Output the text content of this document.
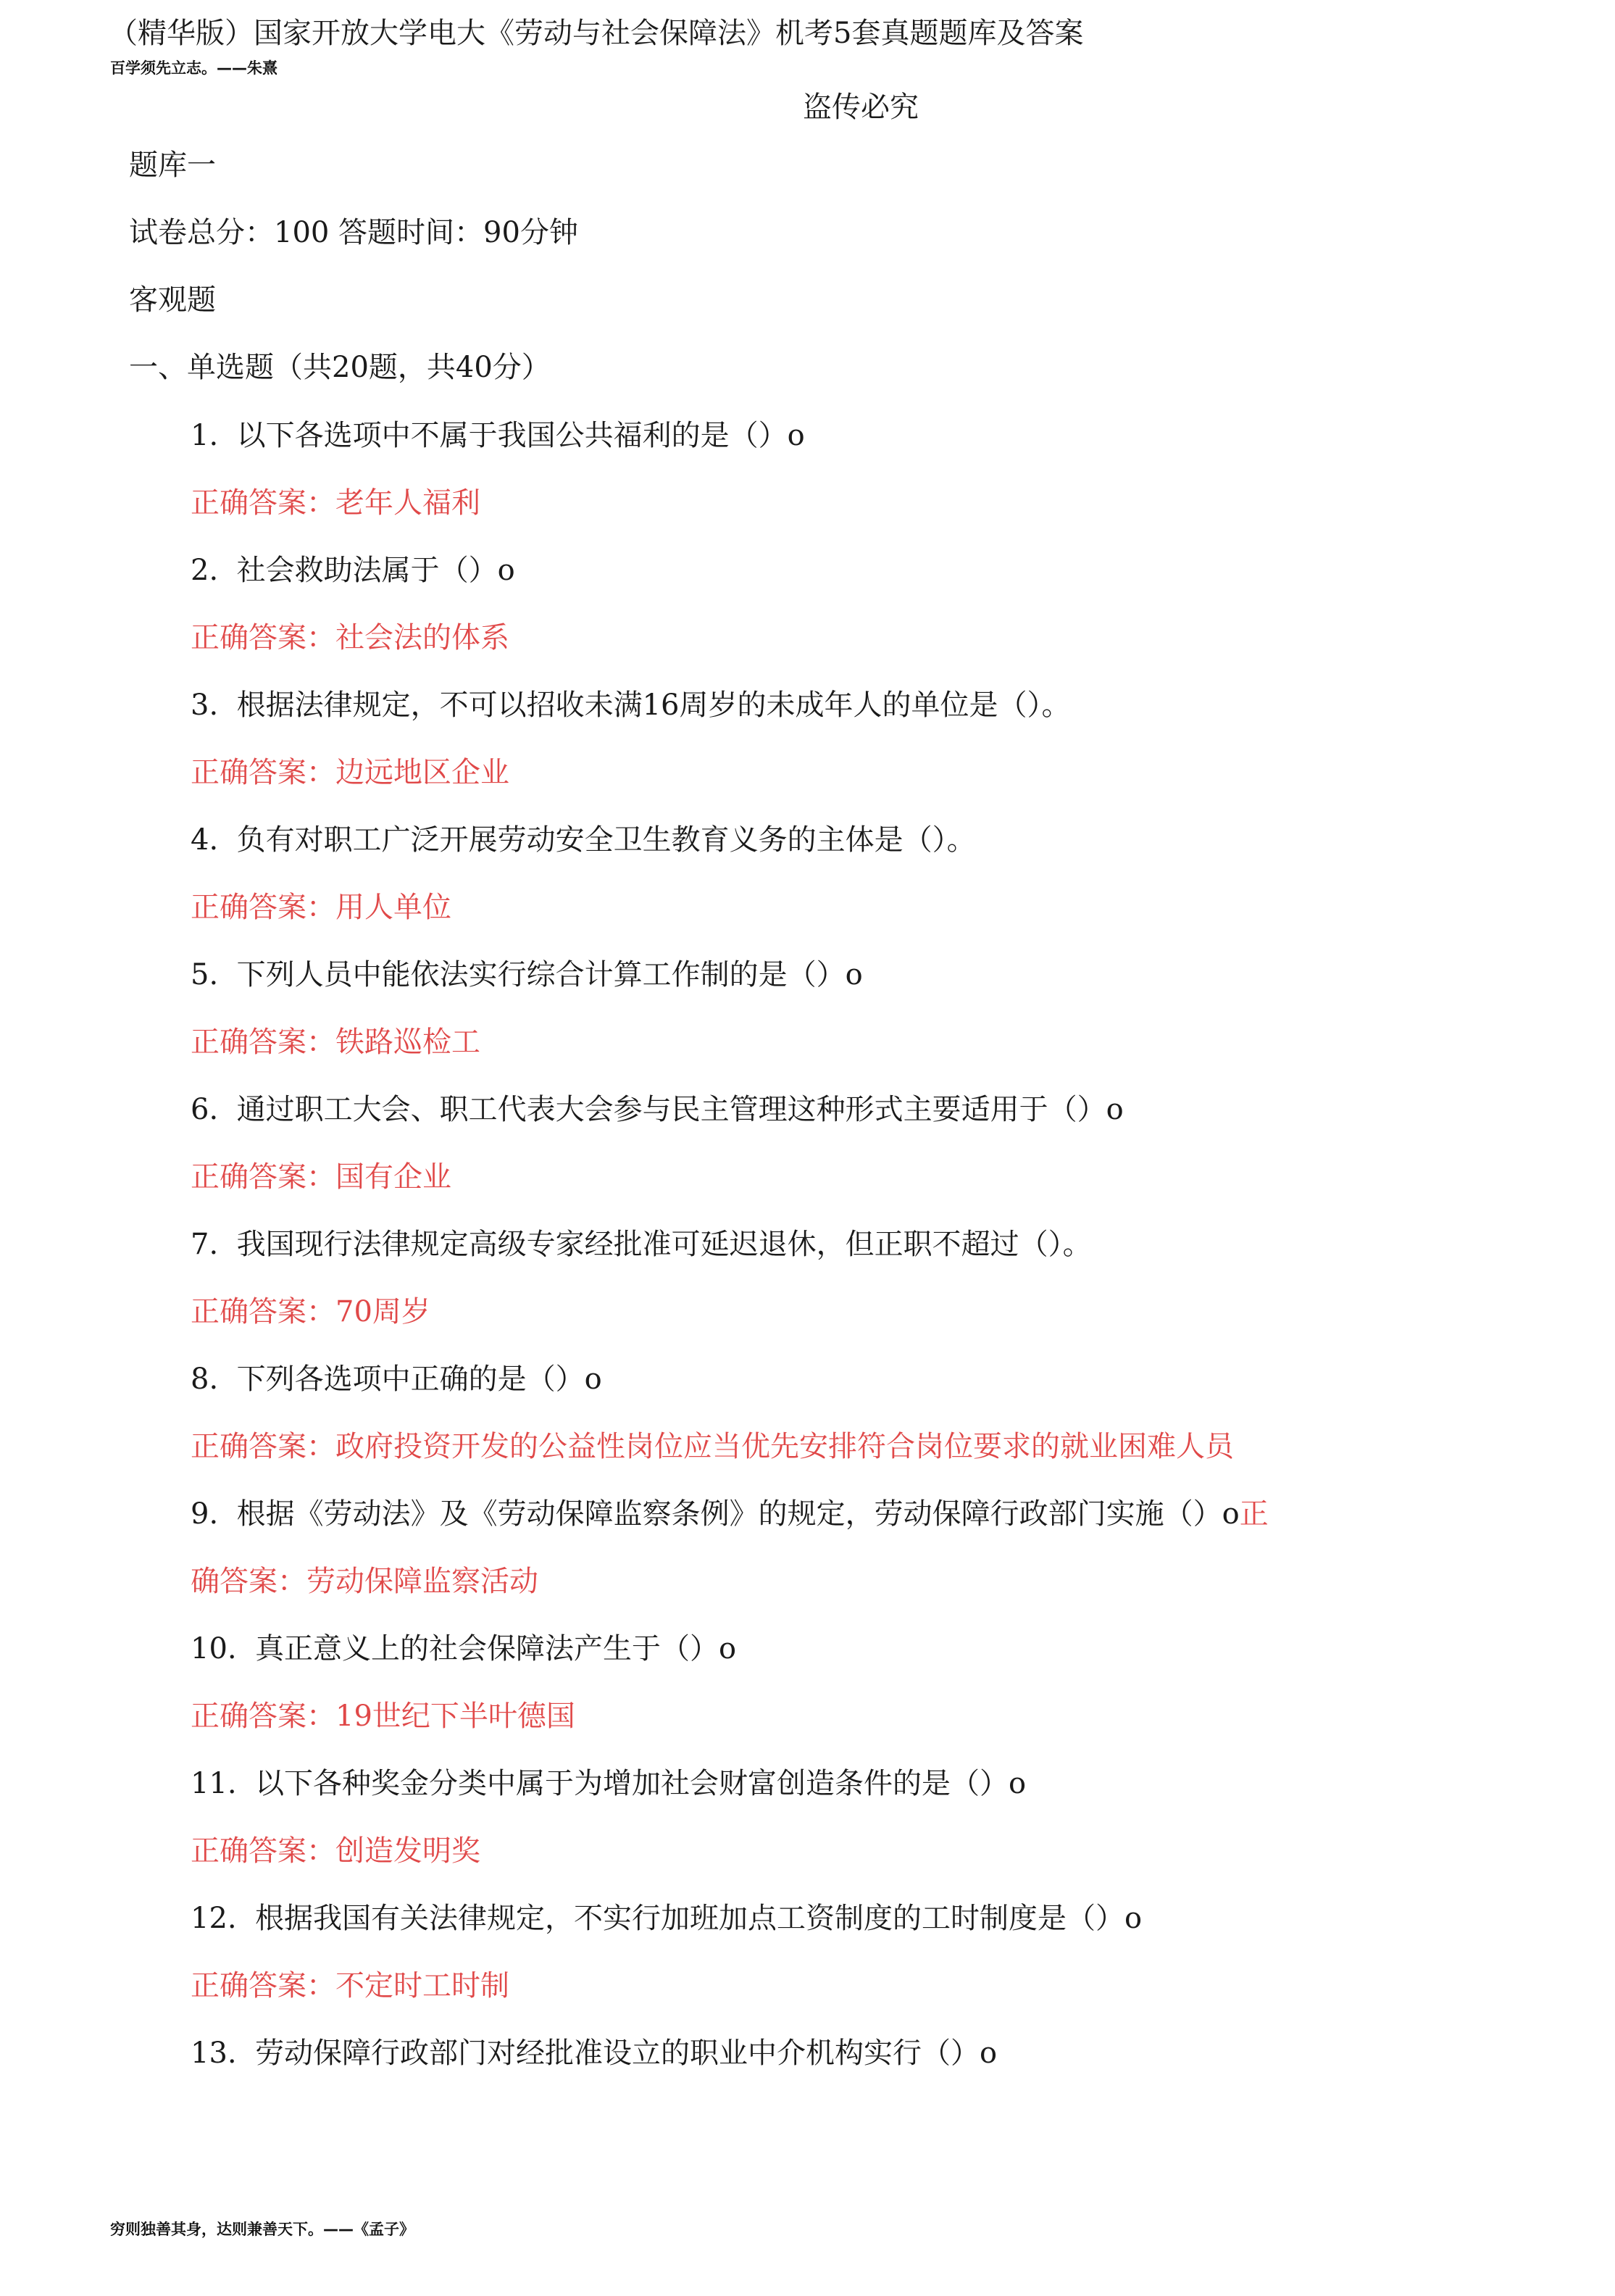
（精华版）国家开放大学电大《劳动与社会保障法》机考5套真题题库及答案
百学须先立志。——朱熹
盗传必究
题库一
试卷总分：100 答题时间：90分钟
客观题
一、单选题（共20题，共40分）
1. 以下各选项中不属于我国公共福利的是（）o
正确答案：老年人福利
2. 社会救助法属于（）o
正确答案：社会法的体系
3. 根据法律规定，不可以招收未满16周岁的未成年人的单位是（）。
正确答案：边远地区企业
4. 负有对职工广泛开展劳动安全卫生教育义务的主体是（）。
正确答案：用人单位
5. 下列人员中能依法实行综合计算工作制的是（）o
正确答案：铁路巡检工
6. 通过职工大会、职工代表大会参与民主管理这种形式主要适用于（）o
正确答案：国有企业
7. 我国现行法律规定高级专家经批准可延迟退休，但正职不超过（）。
正确答案：70周岁
8. 下列各选项中正确的是（）o
正确答案：政府投资开发的公益性岗位应当优先安排符合岗位要求的就业困难人员
9. 根据《劳动法》及《劳动保障监察条例》的规定，劳动保障行政部门实施（）o正
确答案：劳动保障监察活动
10. 真正意义上的社会保障法产生于（）o
正确答案：19世纪下半叶德国
11. 以下各种奖金分类中属于为增加社会财富创造条件的是（）o
正确答案：创造发明奖
12. 根据我国有关法律规定，不实行加班加点工资制度的工时制度是（）o
正确答案：不定时工时制
13. 劳动保障行政部门对经批准设立的职业中介机构实行（）o
穷则独善其身，达则兼善天下。——《孟子》
